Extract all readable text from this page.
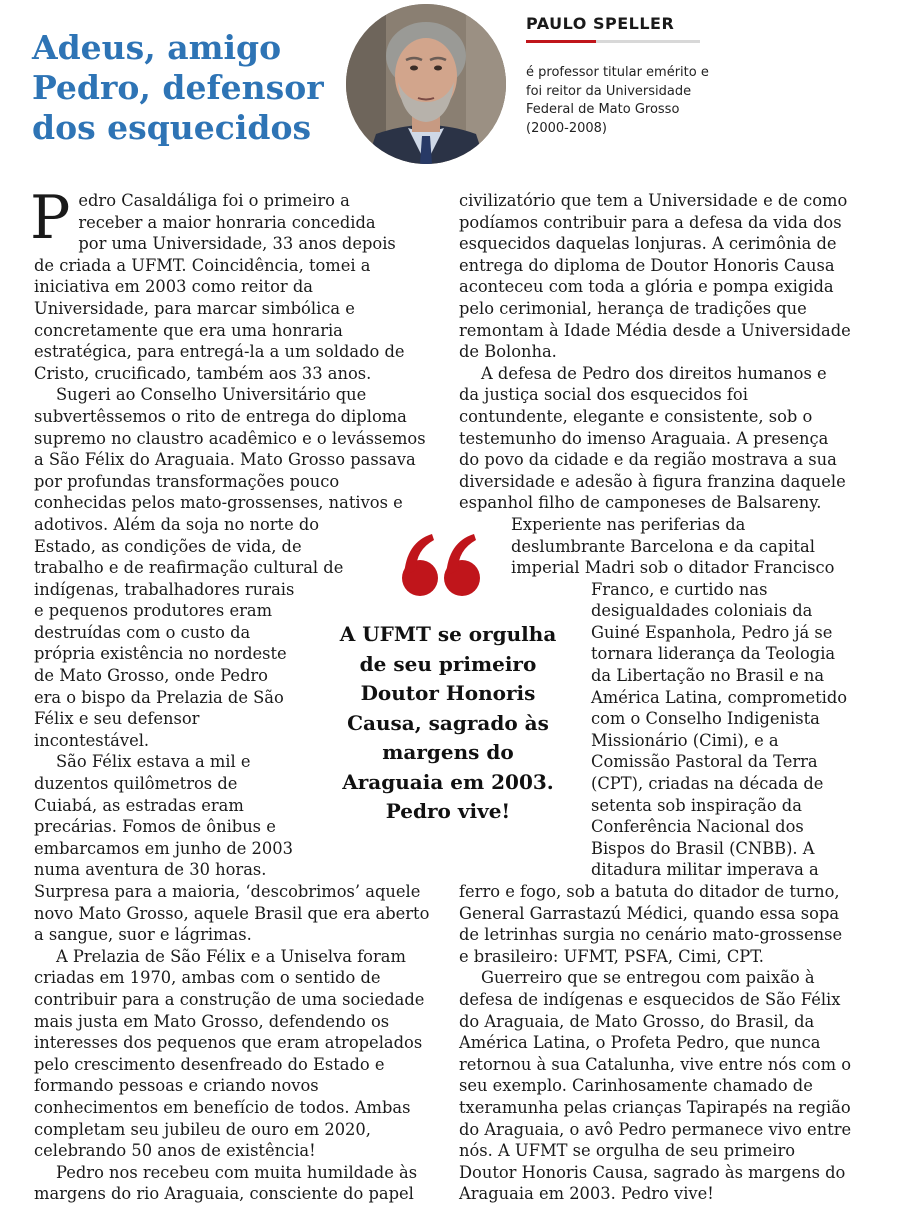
Adeus, amigo Pedro, defensor dos esquecidos
PAULO SPELLER
é professor titular emérito e foi reitor da Universidade Federal de Mato Grosso (2000-2008)

P edro Casaldáliga foi o primeiro a
receber a maior honraria concedida
por uma Universidade, 33 anos depois
de criada a UFMT. Coincidência, tomei a
iniciativa em 2003 como reitor da
Universidade, para marcar simbólica e
concretamente que era uma honraria
estratégica, para entregá-la a um soldado de
Cristo, crucificado, também aos 33 anos.

Sugeri ao Conselho Universitário que
subvertêssemos o rito de entrega do diploma
supremo no claustro acadêmico e o levássemos
a São Félix do Araguaia. Mato Grosso passava
por profundas transformações pouco
conhecidas pelos mato-grossenses, nativos e
adotivos. Além da soja no norte do
Estado, as condições de vida, de
trabalho e de reafirmação cultural de
indígenas, trabalhadores rurais
e pequenos produtores eram
destruídas com o custo da
própria existência no nordeste
de Mato Grosso, onde Pedro
era o bispo da Prelazia de São
Félix e seu defensor
incontestável.

São Félix estava a mil e
duzentos quilômetros de
Cuiabá, as estradas eram
precárias. Fomos de ônibus e
embarcamos em junho de 2003
numa aventura de 30 horas.
Surpresa para a maioria, ‘descobrimos’ aquele
novo Mato Grosso, aquele Brasil que era aberto
a sangue, suor e lágrimas.

A Prelazia de São Félix e a Uniselva foram
criadas em 1970, ambas com o sentido de
contribuir para a construção de uma sociedade
mais justa em Mato Grosso, defendendo os
interesses dos pequenos que eram atropelados
pelo crescimento desenfreado do Estado e
formando pessoas e criando novos
conhecimentos em benefício de todos. Ambas
completam seu jubileu de ouro em 2020,
celebrando 50 anos de existência!

Pedro nos recebeu com muita humildade às
margens do rio Araguaia, consciente do papel

A UFMT se orgulha de seu primeiro Doutor Honoris Causa, sagrado às margens do Araguaia em 2003. Pedro vive!

civilizatório que tem a Universidade e de como
podíamos contribuir para a defesa da vida dos
esquecidos daquelas lonjuras. A cerimônia de
entrega do diploma de Doutor Honoris Causa
aconteceu com toda a glória e pompa exigida
pelo cerimonial, herança de tradições que
remontam à Idade Média desde a Universidade
de Bolonha.

A defesa de Pedro dos direitos humanos e
da justiça social dos esquecidos foi
contundente, elegante e consistente, sob o
testemunho do imenso Araguaia. A presença
do povo da cidade e da região mostrava a sua
diversidade e adesão à figura franzina daquele
espanhol filho de camponeses de Balsareny.

Experiente nas periferias da
deslumbrante Barcelona e da capital
imperial Madri sob o ditador Francisco
Franco, e curtido nas
desigualdades coloniais da
Guiné Espanhola, Pedro já se
tornara liderança da Teologia
da Libertação no Brasil e na
América Latina, comprometido
com o Conselho Indigenista
Missionário (Cimi), e a
Comissão Pastoral da Terra
(CPT), criadas na década de
setenta sob inspiração da
Conferência Nacional dos
Bispos do Brasil (CNBB). A
ditadura militar imperava a
ferro e fogo, sob a batuta do ditador de turno,
General Garrastazú Médici, quando essa sopa
de letrinhas surgia no cenário mato-grossense
e brasileiro: UFMT, PSFA, Cimi, CPT.

Guerreiro que se entregou com paixão à
defesa de indígenas e esquecidos de São Félix
do Araguaia, de Mato Grosso, do Brasil, da
América Latina, o Profeta Pedro, que nunca
retornou à sua Catalunha, vive entre nós com o
seu exemplo. Carinhosamente chamado de
txeramunha pelas crianças Tapirapés na região
do Araguaia, o avô Pedro permanece vivo entre
nós. A UFMT se orgulha de seu primeiro
Doutor Honoris Causa, sagrado às margens do
Araguaia em 2003. Pedro vive!
